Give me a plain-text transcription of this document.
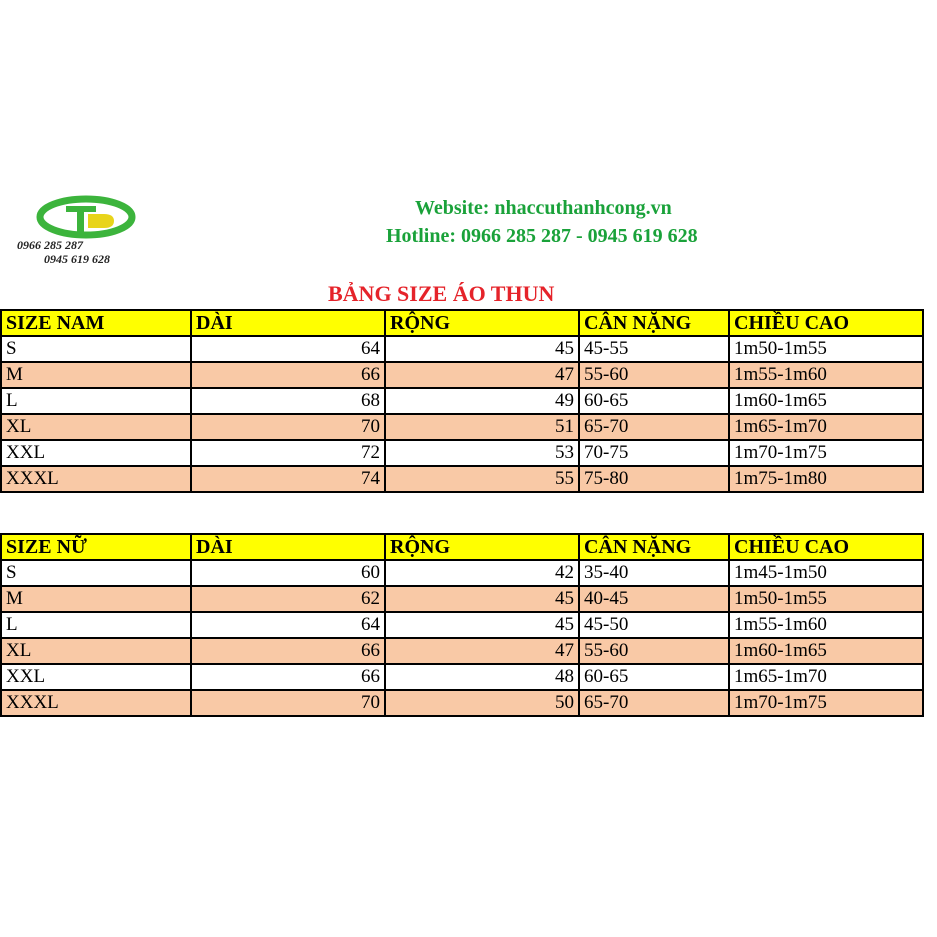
0966 285 287
0945 619 628
Website: nhaccuthanhcong.vn
Hotline: 0966 285 287 - 0945 619 628
BẢNG SIZE ÁO THUN
SIZE NAM	DÀI	RỘNG	CÂN NẶNG	CHIỀU CAO
S	64	45	45-55	1m50-1m55
M	66	47	55-60	1m55-1m60
L	68	49	60-65	1m60-1m65
XL	70	51	65-70	1m65-1m70
XXL	72	53	70-75	1m70-1m75
XXXL	74	55	75-80	1m75-1m80
SIZE NỮ	DÀI	RỘNG	CÂN NẶNG	CHIỀU CAO
S	60	42	35-40	1m45-1m50
M	62	45	40-45	1m50-1m55
L	64	45	45-50	1m55-1m60
XL	66	47	55-60	1m60-1m65
XXL	66	48	60-65	1m65-1m70
XXXL	70	50	65-70	1m70-1m75
